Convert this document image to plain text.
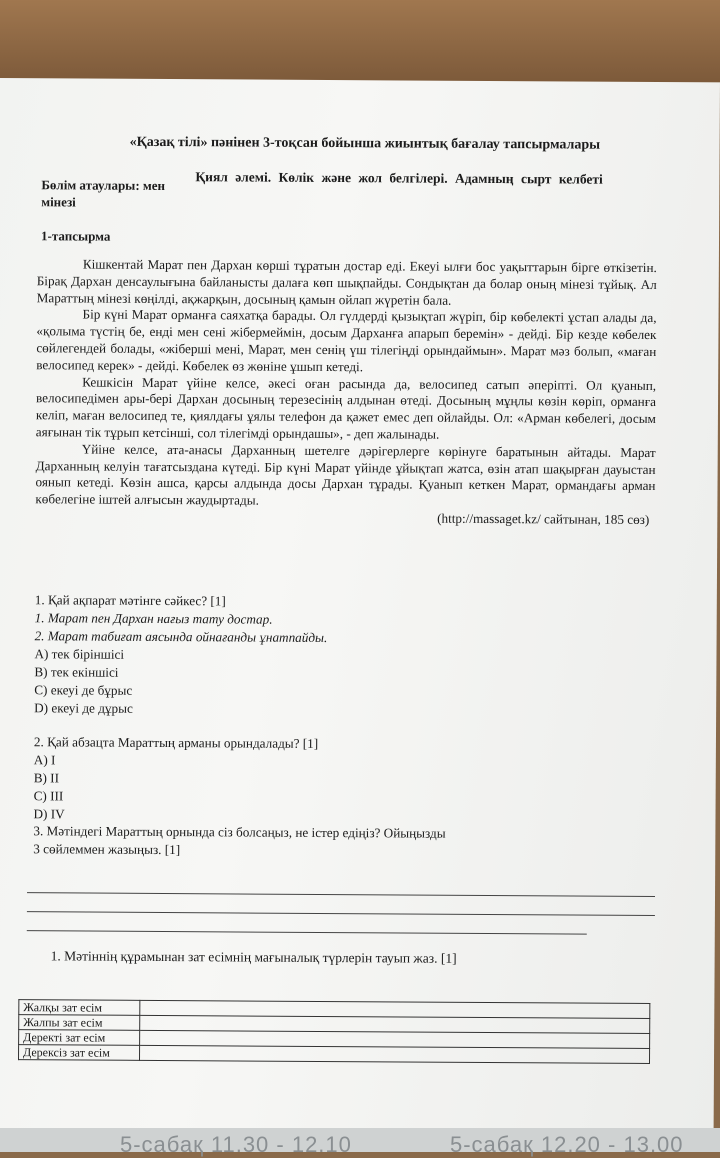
«Қазақ тілі» пәнінен 3-тоқсан бойынша жиынтық бағалау тапсырмалары
Бөлім атаулары: мен мінезі
Қиял әлемі. Көлік және жол белгілері. Адамның сырт келбеті
1-тапсырма

Кішкентай Марат пен Дархан көрші тұратын достар еді. Екеуі ылғи бос уақыттарын бірге өткізетін. Бірақ Дархан денсаулығына байланысты далаға көп шықпайды. Сондықтан да болар оның мінезі тұйық. Ал Мараттың мінезі көңілді, ақжарқын, досының қамын ойлап жүретін бала.

Бір күні Марат орманға саяхатқа барады. Ол гүлдерді қызықтап жүріп, бір көбелекті ұстап алады да, «қолыма түстің бе, енді мен сені жібермеймін, досым Дарханға апарып беремін» - дейді. Бір кезде көбелек сөйлегендей болады, «жіберші мені, Марат, мен сенің үш тілегіңді орындаймын». Марат мәз болып, «маған велосипед керек» - дейді. Көбелек өз жөніне ұшып кетеді.

Кешкісін Марат үйіне келсе, әкесі оған расында да, велосипед сатып әперіпті. Ол қуанып, велосипедімен ары-бері Дархан досының терезесінің алдынан өтеді. Досының мұңлы көзін көріп, орманға келіп, маған велосипед те, қиялдағы ұялы телефон да қажет емес деп ойлайды. Ол: «Арман көбелегі, досым аяғынан тік тұрып кетсінші, сол тілегімді орындашы», - деп жалынады.

Үйіне келсе, ата-анасы Дарханның шетелге дәрігерлерге көрінуге баратынын айтады. Марат Дарханның келуін тағатсыздана күтеді. Бір күні Марат үйінде ұйықтап жатса, өзін атап шақырған дауыстан оянып кетеді. Көзін ашса, қарсы алдында досы Дархан тұрады. Қуанып кеткен Марат, ормандағы арман көбелегіне іштей алғысын жаудыртады.

(http://massaget.kz/ сайтынан, 185 сөз)
1. Қай ақпарат мәтінге сәйкес? [1]
1. Марат пен Дархан нағыз тату достар.
2. Марат табиғат аясында ойнағанды ұнатпайды.
A) тек біріншісі
B) тек екіншісі
C) екеуі де бұрыс
D) екеуі де дұрыс
2. Қай абзацта Мараттың арманы орындалады? [1]
A) I
B) II
C) III
D) IV
3. Мәтіндегі Мараттың орнында сіз болсаңыз, не істер едіңіз? Ойыңызды
3 сөйлеммен жазыңыз. [1]
1. Мәтіннің құрамынан зат есімнің мағыналық түрлерін тауып жаз. [1]
Жалқы зат есім	
Жалпы зат есім	
Деректі зат есім	
Дерексіз зат есім	
5-сабақ 11.30 - 12.10	5-сабақ 12.20 - 13.00
